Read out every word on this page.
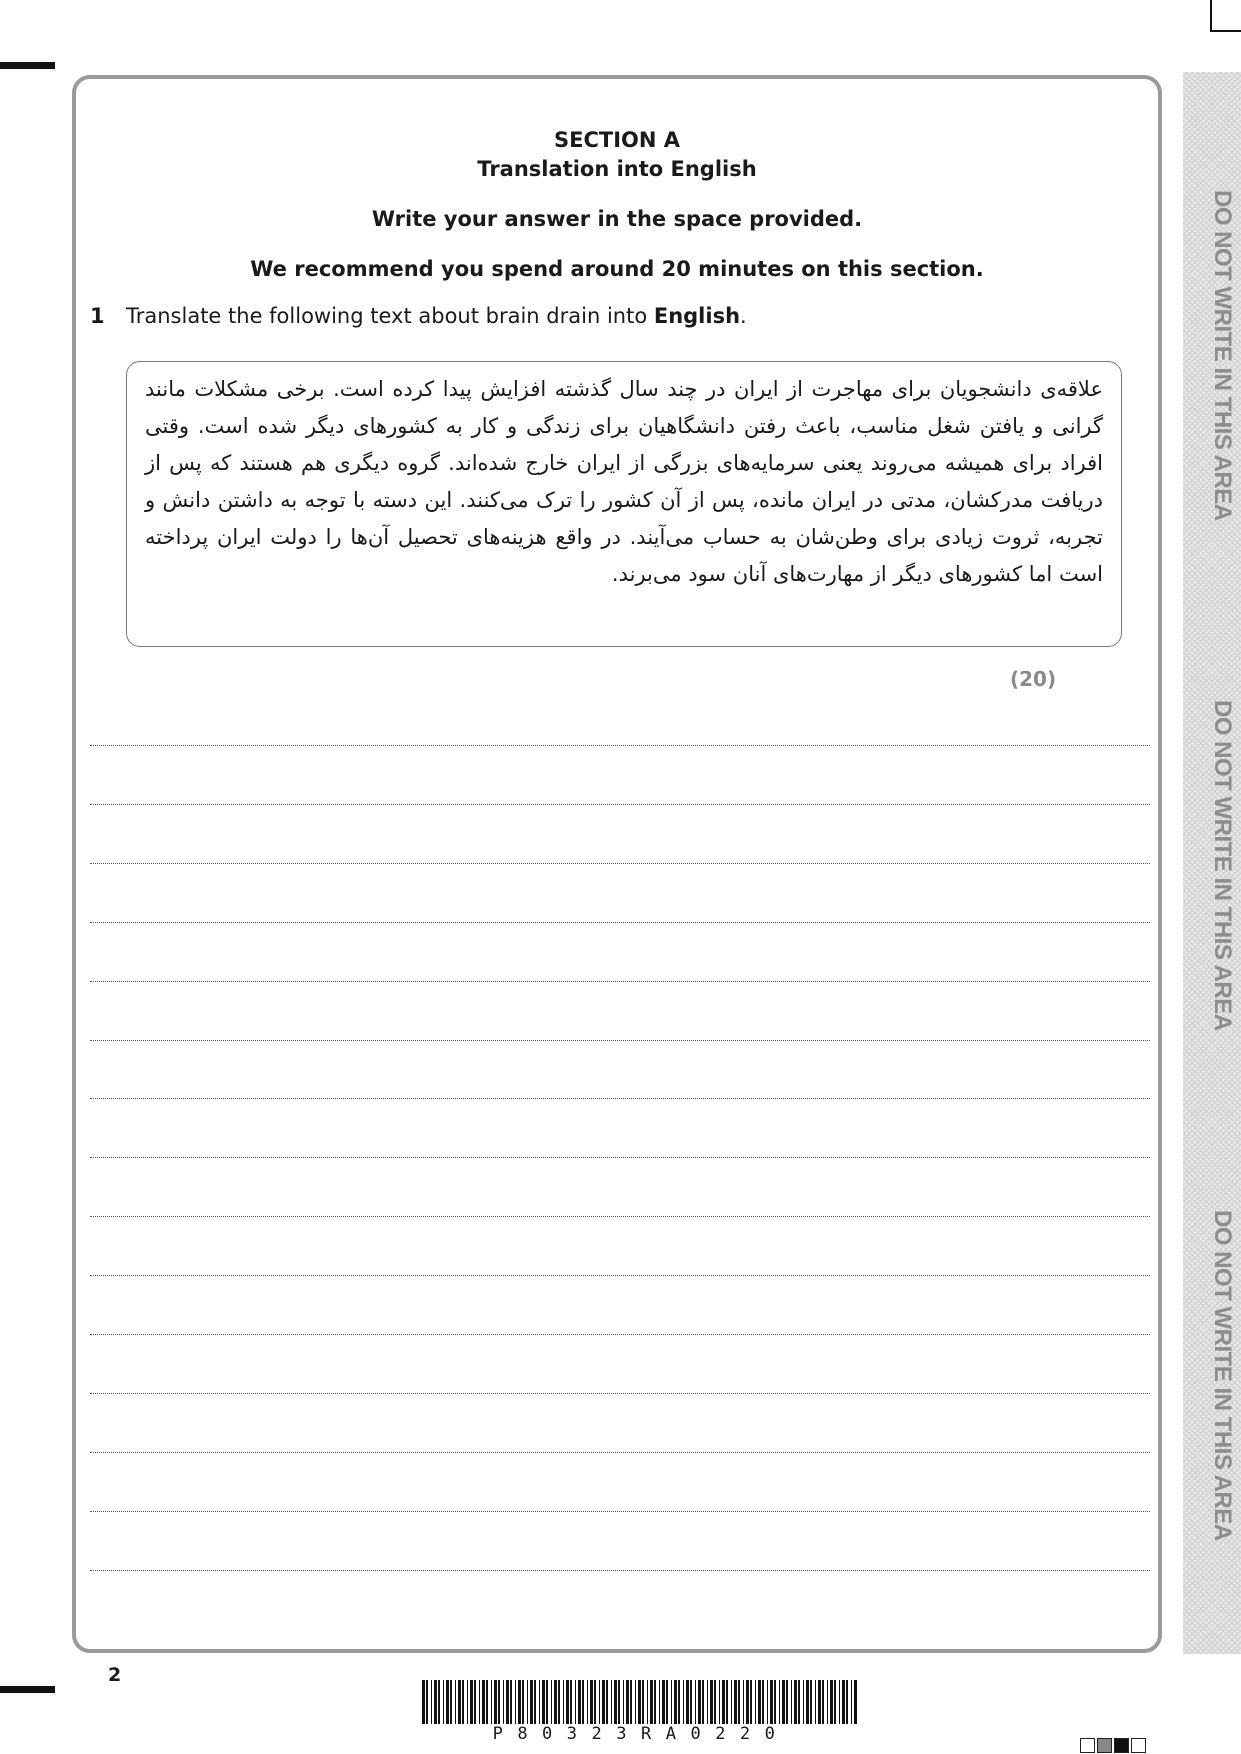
SECTION A
Translation into English
Write your answer in the space provided.
We recommend you spend around 20 minutes on this section.
1 Translate the following text about brain drain into English.

علاقه‌ی دانشجویان برای مهاجرت از ایران در چند سال گذشته افزایش پیدا کرده است. برخی مشکلات مانند گرانی و یافتن شغل مناسب، باعث رفتن دانشگاهیان برای زندگی و کار به کشورهای دیگر شده است. وقتی افراد برای همیشه می‌روند یعنی سرمایه‌های بزرگی از ایران خارج شده‌اند. گروه دیگری هم هستند که پس از دریافت مدرکشان، مدتی در ایران مانده، پس از آن کشور را ترک می‌کنند. این دسته با توجه به داشتن دانش و تجربه، ثروت زیادی برای وطن‌شان به حساب می‌آیند. در واقع هزینه‌های تحصیل آن‌ها را دولت ایران پرداخته است اما کشورهای دیگر از مهارت‌های آنان سود می‌برند.

(20)
DO NOT WRITE IN THIS AREA
DO NOT WRITE IN THIS AREA
DO NOT WRITE IN THIS AREA
2
P80323RA0220
